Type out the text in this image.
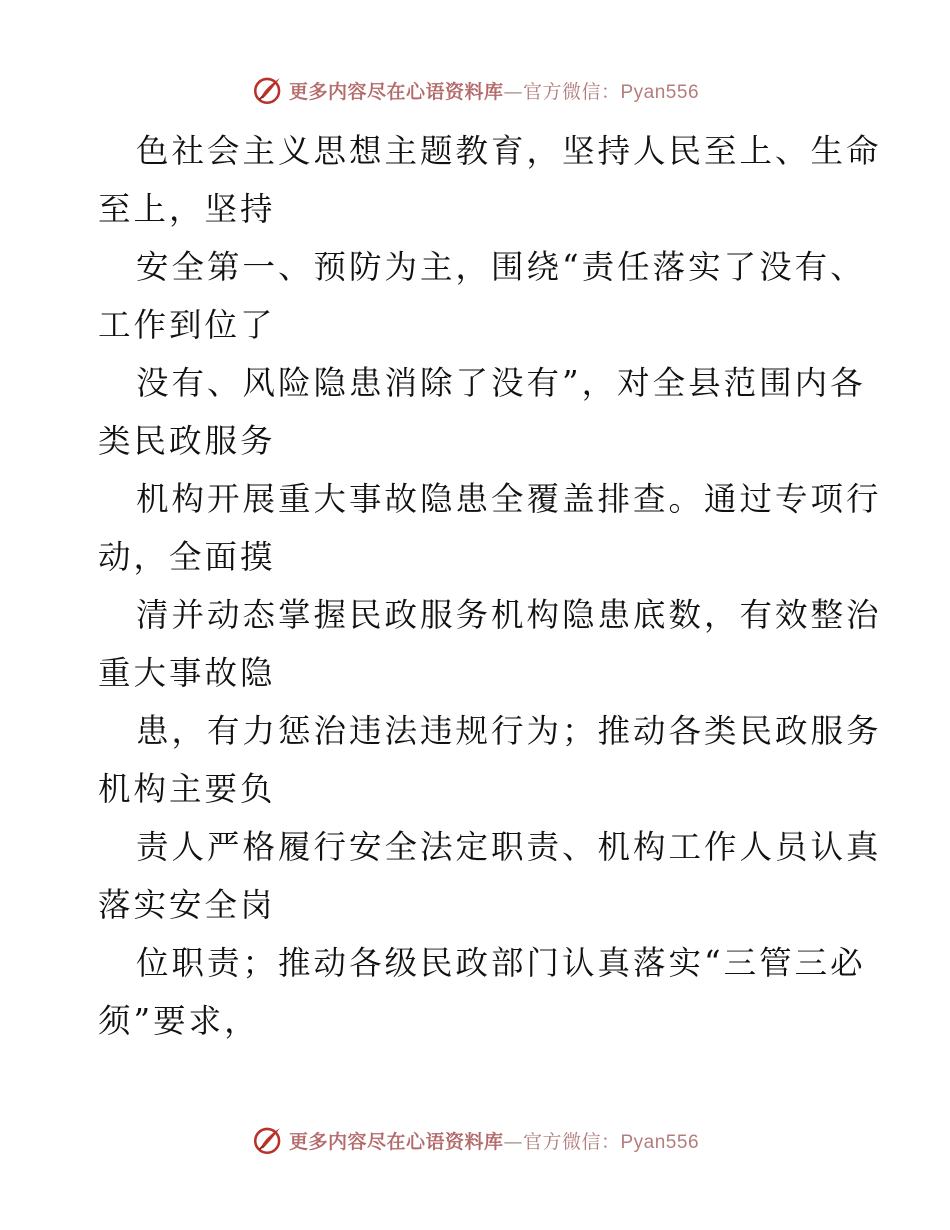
更多内容尽在心语资料库—官方微信：Pyan556

色社会主义思想主题教育，坚持人民至上、生命
至上，坚持

安全第一、预防为主，围绕“责任落实了没有、
工作到位了

没有、风险隐患消除了没有”，对全县范围内各
类民政服务

机构开展重大事故隐患全覆盖排查。通过专项行
动，全面摸

清并动态掌握民政服务机构隐患底数，有效整治
重大事故隐

患，有力惩治违法违规行为；推动各类民政服务
机构主要负

责人严格履行安全法定职责、机构工作人员认真
落实安全岗

位职责；推动各级民政部门认真落实“三管三必
须”要求，

更多内容尽在心语资料库—官方微信：Pyan556
